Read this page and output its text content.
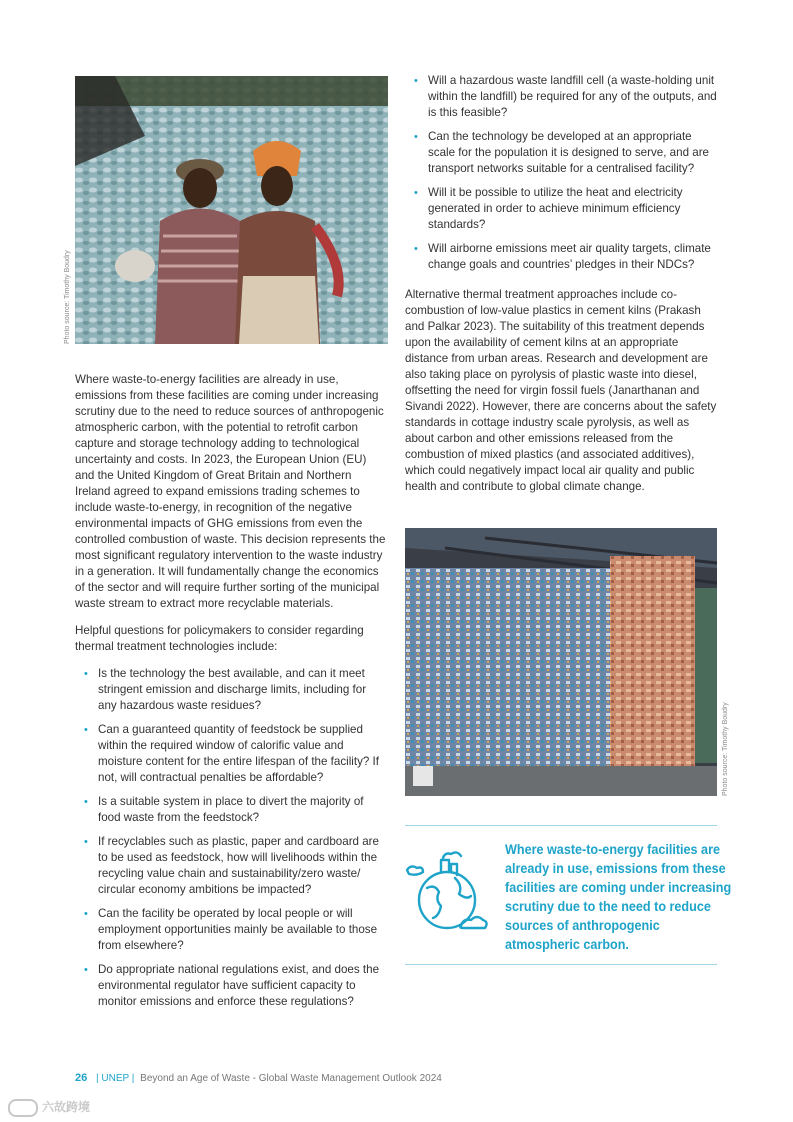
Photo source: Timothy Boudry

Where waste-to-energy facilities are already in use, emissions from these facilities are coming under increasing scrutiny due to the need to reduce sources of anthropogenic atmospheric carbon, with the potential to retrofit carbon capture and storage technology adding to technological uncertainty and costs. In 2023, the European Union (EU) and the United Kingdom of Great Britain and Northern Ireland agreed to expand emissions trading schemes to include waste-to-energy, in recognition of the negative environmental impacts of GHG emissions from even the controlled combustion of waste. This decision represents the most significant regulatory intervention to the waste industry in a generation. It will fundamentally change the economics of the sector and will require further sorting of the municipal waste stream to extract more recyclable materials.

Helpful questions for policymakers to consider regarding thermal treatment technologies include:

• Is the technology the best available, and can it meet stringent emission and discharge limits, including for any hazardous waste residues?
• Can a guaranteed quantity of feedstock be supplied within the required window of calorific value and moisture content for the entire lifespan of the facility? If not, will contractual penalties be affordable?
• Is a suitable system in place to divert the majority of food waste from the feedstock?
• If recyclables such as plastic, paper and cardboard are to be used as feedstock, how will livelihoods within the recycling value chain and sustainability/zero waste/ circular economy ambitions be impacted?
• Can the facility be operated by local people or will employment opportunities mainly be available to those from elsewhere?
• Do appropriate national regulations exist, and does the environmental regulator have sufficient capacity to monitor emissions and enforce these regulations?
• Will a hazardous waste landfill cell (a waste-holding unit within the landfill) be required for any of the outputs, and is this feasible?
• Can the technology be developed at an appropriate scale for the population it is designed to serve, and are transport networks suitable for a centralised facility?
• Will it be possible to utilize the heat and electricity generated in order to achieve minimum efficiency standards?
• Will airborne emissions meet air quality targets, climate change goals and countries’ pledges in their NDCs?

Alternative thermal treatment approaches include co-combustion of low-value plastics in cement kilns (Prakash and Palkar 2023). The suitability of this treatment depends upon the availability of cement kilns at an appropriate distance from urban areas. Research and development are also taking place on pyrolysis of plastic waste into diesel, offsetting the need for virgin fossil fuels (Janarthanan and Sivandi 2022). However, there are concerns about the safety standards in cottage industry scale pyrolysis, as well as about carbon and other emissions released from the combustion of mixed plastics (and associated additives), which could negatively impact local air quality and public health and contribute to global climate change.

Photo source: Timothy Boudry
Where waste-to-energy facilities are already in use, emissions from these facilities are coming under increasing scrutiny due to the need to reduce sources of anthropogenic atmospheric carbon.
26 | UNEP | Beyond an Age of Waste - Global Waste Management Outlook 2024
六故跨境
